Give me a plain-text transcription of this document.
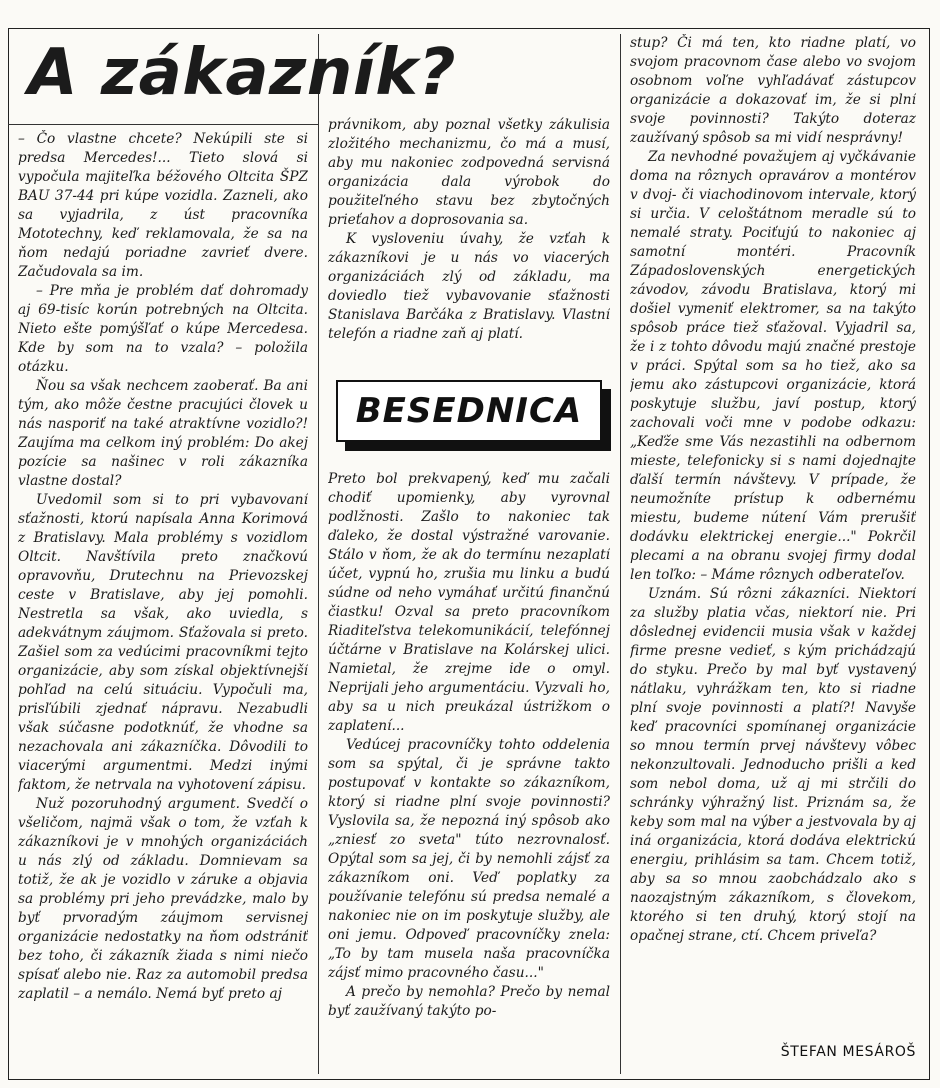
A zákazník?

– Čo vlastne chcete? Nekúpili ste si predsa Mercedes!... Tieto slová si vypočula majiteľka béžového Oltcita ŠPZ BAU 37-44 pri kúpe vozidla. Zazneli, ako sa vyjadrila, z úst pracovníka Mototechny, keď reklamovala, že sa na ňom nedajú poriadne zavrieť dvere. Začudovala sa im.

– Pre mňa je problém dať dohromady aj 69-tisíc korún potrebných na Oltcita. Nieto ešte pomýšľať o kúpe Mercedesa. Kde by som na to vzala? – položila otázku.

Ňou sa však nechcem zaoberať. Ba ani tým, ako môže čestne pracujúci človek u nás nasporiť na také atraktívne vozidlo?! Zaujíma ma celkom iný problém: Do akej pozície sa našinec v roli zákazníka vlastne dostal?

Uvedomil som si to pri vybavovaní sťažnosti, ktorú napísala Anna Korimová z Bratislavy. Mala problémy s vozidlom Oltcit. Navštívila preto značkovú opravovňu, Drutechnu na Prievozskej ceste v Bratislave, aby jej pomohli. Nestretla sa však, ako uviedla, s adekvátnym záujmom. Sťažovala si preto. Zašiel som za vedúcimi pracovníkmi tejto organizácie, aby som získal objektívnejší pohľad na celú situáciu. Vypočuli ma, prisľúbili zjednať nápravu. Nezabudli však súčasne podotknúť, že vhodne sa nezachovala ani zákazníčka. Dôvodili to viacerými argumentmi. Medzi inými faktom, že netrvala na vyhotovení zápisu.

Nuž pozoruhodný argument. Svedčí o všeličom, najmä však o tom, že vzťah k zákazníkovi je v mnohých organizáciách u nás zlý od základu. Domnievam sa totiž, že ak je vozidlo v záruke a objavia sa problémy pri jeho prevádzke, malo by byť prvoradým záujmom servisnej organizácie nedostatky na ňom odstrániť bez toho, či zákazník žiada s nimi niečo spísať alebo nie. Raz za automobil predsa zaplatil – a nemálo. Nemá byť preto aj

právnikom, aby poznal všetky zákulisia zložitého mechanizmu, čo má a musí, aby mu nakoniec zodpovedná servisná organizácia dala výrobok do použiteľného stavu bez zbytočných prieťahov a doprosovania sa.

K vysloveniu úvahy, že vzťah k zákazníkovi je u nás vo viacerých organizáciách zlý od základu, ma doviedlo tiež vybavovanie sťažnosti Stanislava Barčáka z Bratislavy. Vlastní telefón a riadne zaň aj platí.

BESEDNICA

Preto bol prekvapený, keď mu začali chodiť upomienky, aby vyrovnal podlžnosti. Zašlo to nakoniec tak ďaleko, že dostal výstražné varovanie. Stálo v ňom, že ak do termínu nezaplatí účet, vypnú ho, zrušia mu linku a budú súdne od neho vymáhať určitú finančnú čiastku! Ozval sa preto pracovníkom Riaditeľstva telekomunikácií, telefónnej účtárne v Bratislave na Kolárskej ulici. Namietal, že zrejme ide o omyl. Neprijali jeho argumentáciu. Vyzvali ho, aby sa u nich preukázal ústrižkom o zaplatení...

Vedúcej pracovníčky tohto oddelenia som sa spýtal, či je správne takto postupovať v kontakte so zákazníkom, ktorý si riadne plní svoje povinnosti? Vyslovila sa, že nepozná iný spôsob ako „zniesť zo sveta" túto nezrovnalosť. Opýtal som sa jej, či by nemohli zájsť za zákazníkom oni. Veď poplatky za používanie telefónu sú predsa nemalé a nakoniec nie on im poskytuje služby, ale oni jemu. Odpoveď pracovníčky znela: „To by tam musela naša pracovníčka zájsť mimo pracovného času..."

A prečo by nemohla? Prečo by nemal byť zaužívaný takýto po-

stup? Či má ten, kto riadne platí, vo svojom pracovnom čase alebo vo svojom osobnom voľne vyhľadávať zástupcov organizácie a dokazovať im, že si plní svoje povinnosti? Takýto doteraz zaužívaný spôsob sa mi vidí nesprávny!

Za nevhodné považujem aj vyčkávanie doma na rôznych opravárov a montérov v dvoj- či viachodinovom intervale, ktorý si určia. V celoštátnom meradle sú to nemalé straty. Pociťujú to nakoniec aj samotní montéri. Pracovník Západoslovenských energetických závodov, závodu Bratislava, ktorý mi došiel vymeniť elektromer, sa na takýto spôsob práce tiež sťažoval. Vyjadril sa, že i z tohto dôvodu majú značné prestoje v práci. Spýtal som sa ho tiež, ako sa jemu ako zástupcovi organizácie, ktorá poskytuje službu, javí postup, ktorý zachovali voči mne v podobe odkazu: „Keďže sme Vás nezastihli na odbernom mieste, telefonicky si s nami dojednajte ďalší termín návštevy. V prípade, že neumožníte prístup k odbernému miestu, budeme nútení Vám prerušiť dodávku elektrickej energie..." Pokrčil plecami a na obranu svojej firmy dodal len toľko: – Máme rôznych odberateľov.

Uznám. Sú rôzni zákazníci. Niektorí za služby platia včas, niektorí nie. Pri dôslednej evidencii musia však v každej firme presne vedieť, s kým prichádzajú do styku. Prečo by mal byť vystavený nátlaku, vyhrážkam ten, kto si riadne plní svoje povinnosti a platí?! Navyše keď pracovníci spomínanej organizácie so mnou termín prvej návštevy vôbec nekonzultovali. Jednoducho prišli a keď som nebol doma, už aj mi strčili do schránky výhražný list. Priznám sa, že keby som mal na výber a jestvovala by aj iná organizácia, ktorá dodáva elektrickú energiu, prihlásim sa tam. Chcem totiž, aby sa so mnou zaobchádzalo ako s naozajstným zákazníkom, s človekom, ktorého si ten druhý, ktorý stojí na opačnej strane, ctí. Chcem priveľa?

ŠTEFAN MESÁROŠ
